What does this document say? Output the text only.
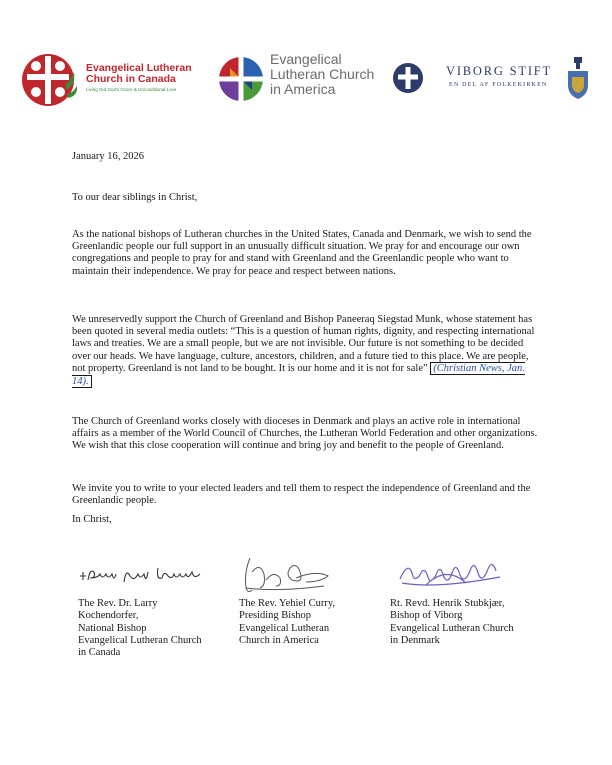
Evangelical Lutheran
Church in Canada
Living Out God's Grace & Unconditional Love
Evangelical
Lutheran Church
in America
VIBORG STIFT
EN DEL AF FOLKEKIRKEN
January 16, 2026
To our dear siblings in Christ,

As the national bishops of Lutheran churches in the United States, Canada and Denmark, we wish to send the Greenlandic people our full support in an unusually difficult situation. We pray for and encourage our own congregations and people to pray for and stand with Greenland and the Greenlandic people who want to maintain their independence. We pray for peace and respect between nations.

We unreservedly support the Church of Greenland and Bishop Paneeraq Siegstad Munk, whose statement has been quoted in several media outlets: “This is a question of human rights, dignity, and respecting international laws and treaties. We are a small people, but we are not invisible. Our future is not something to be decided over our heads. We have language, culture, ancestors, children, and a future tied to this place. We are people, not property. Greenland is not land to be bought. It is our home and it is not for sale” (Christian News, Jan. 14).

The Church of Greenland works closely with dioceses in Denmark and plays an active role in international affairs as a member of the World Council of Churches, the Lutheran World Federation and other organizations. We wish that this close cooperation will continue and bring joy and benefit to the people of Greenland.

We invite you to write to your elected leaders and tell them to respect the independence of Greenland and the Greenlandic people.

In Christ,
The Rev. Dr. Larry
Kochendorfer,
National Bishop
Evangelical Lutheran Church
in Canada
The Rev. Yehiel Curry,
Presiding Bishop
Evangelical Lutheran
Church in America
Rt. Revd. Henrik Stubkjær,
Bishop of Viborg
Evangelical Lutheran Church
in Denmark
